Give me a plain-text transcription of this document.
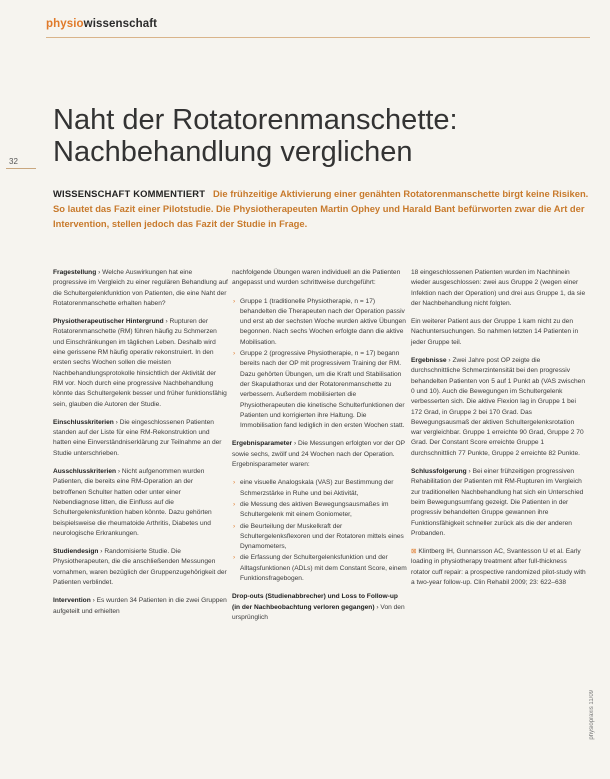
physiowissenschaft
32
Naht der Rotatorenmanschette: Nachbehandlung verglichen
WISSENSCHAFT KOMMENTIERT Die frühzeitige Aktivierung einer genähten Rotatorenmanschette birgt keine Risiken. So lautet das Fazit einer Pilotstudie. Die Physiotherapeuten Martin Ophey und Harald Bant befürworten zwar die Art der Intervention, stellen jedoch das Fazit der Studie in Frage.

Fragestellung › Welche Auswirkungen hat eine progressive im Vergleich zu einer regulären Behandlung auf die Schultergelenkfunktion von Patienten, die eine Naht der Rotatorenmanschette erhalten haben?

Physiotherapeutischer Hintergrund › Rupturen der Rotatorenmanschette (RM) führen häufig zu Schmerzen und Einschränkungen im täglichen Leben. Deshalb wird eine gerissene RM häufig operativ rekonstruiert. In den ersten sechs Wochen sollen die meisten Nachbehandlungsprotokolle hinsichtlich der Aktivität der RM vor. Noch durch eine progressive Nachbehandlung könnte das Schultergelenk besser und früher funktionsfähig sein, glauben die Autoren der Studie.

Einschlusskriterien › Die eingeschlossenen Patienten standen auf der Liste für eine RM-Rekonstruktion und hatten eine Einverständniserklärung zur Teilnahme an der Studie unterschrieben.

Ausschlusskriterien › Nicht aufgenommen wurden Patienten, die bereits eine RM-Operation an der betroffenen Schulter hatten oder unter einer Nebendiagnose litten, die Einfluss auf die Schultergelenksfunktion haben könnte. Dazu gehörten beispielsweise die rheumatoide Arthritis, Diabetes und neurologische Erkrankungen.

Studiendesign › Randomisierte Studie. Die Physiotherapeuten, die die anschließenden Messungen vornahmen, waren bezüglich der Gruppenzugehörigkeit der Patienten verblindet.

Intervention › Es wurden 34 Patienten in die zwei Gruppen aufgeteilt und erhielten

nachfolgende Übungen waren individuell an die Patienten angepasst und wurden schrittweise durchgeführt:

› Gruppe 1 (traditionelle Physiotherapie, n = 17) behandelten die Therapeuten nach der Operation passiv und erst ab der sechsten Woche wurden aktive Übungen begonnen. Nach sechs Wochen erfolgte dann die aktive Mobilisation.
› Gruppe 2 (progressive Physiotherapie, n = 17) begann bereits nach der OP mit progressivem Training der RM. Dazu gehörten Übungen, um die Kraft und Stabilisation der Skapulathorax und der Rotatorenmanschette zu verbessern. Außerdem mobilisierten die Physiotherapeuten die kinetische Schulterfunktionen der Patienten und korrigierten ihre Haltung. Die Immobilisation fand lediglich in den ersten Wochen statt.

Ergebnisparameter › Die Messungen erfolgten vor der OP sowie sechs, zwölf und 24 Wochen nach der Operation. Ergebnisparameter waren:

› eine visuelle Analogskala (VAS) zur Bestimmung der Schmerzstärke in Ruhe und bei Aktivität,
› die Messung des aktiven Bewegungsausmaßes im Schultergelenk mit einem Goniometer,
› die Beurteilung der Muskelkraft der Schultergelenksflexoren und der Rotatoren mittels eines Dynamometers,
› die Erfassung der Schultergelenksfunktion und der Alltagsfunktionen (ADLs) mit dem Constant Score, einem Funktionsfragebogen.

Drop-outs (Studienabbrecher) und Loss to Follow-up (in der Nachbeobachtung verloren gegangen) › Von den ursprünglich

18 eingeschlossenen Patienten wurden im Nachhinein wieder ausgeschlossen: zwei aus Gruppe 2 (wegen einer Infektion nach der Operation) und drei aus Gruppe 1, da sie der Nachbehandlung nicht folgten.

Ein weiterer Patient aus der Gruppe 1 kam nicht zu den Nachuntersuchungen. So nahmen letzten 14 Patienten in jeder Gruppe teil.

Ergebnisse › Zwei Jahre post OP zeigte die durchschnittliche Schmerzintensität bei den progressiv behandelten Patienten von 5 auf 1 Punkt ab (VAS zwischen 0 und 10). Auch die Bewegungen im Schultergelenk verbesserten sich. Die aktive Flexion lag in Gruppe 1 bei 172 Grad, in Gruppe 2 bei 170 Grad. Das Bewegungsausmaß der aktiven Schultergelenksrotation war vergleichbar. Gruppe 1 erreichte 90 Grad, Gruppe 2 70 Grad. Der Constant Score erreichte Gruppe 1 durchschnittlich 77 Punkte, Gruppe 2 erreichte 82 Punkte.

Schlussfolgerung › Bei einer frühzeitigen progressiven Rehabilitation der Patienten mit RM-Rupturen im Vergleich zur traditionellen Nachbehandlung hat sich ein Unterschied beim Bewegungsumfang gezeigt. Die Patienten in der progressiv behandelten Gruppe gewannen ihre Funktionsfähigkeit schneller zurück als die der anderen Probanden.

⊠ Klintberg IH, Gunnarsson AC, Svantesson U et al. Early loading in physiotherapy treatment after full-thickness rotator cuff repair: a prospective randomized pilot-study with a two-year follow-up. Clin Rehabil 2009; 23: 622–638

physiopraxis 11/09
